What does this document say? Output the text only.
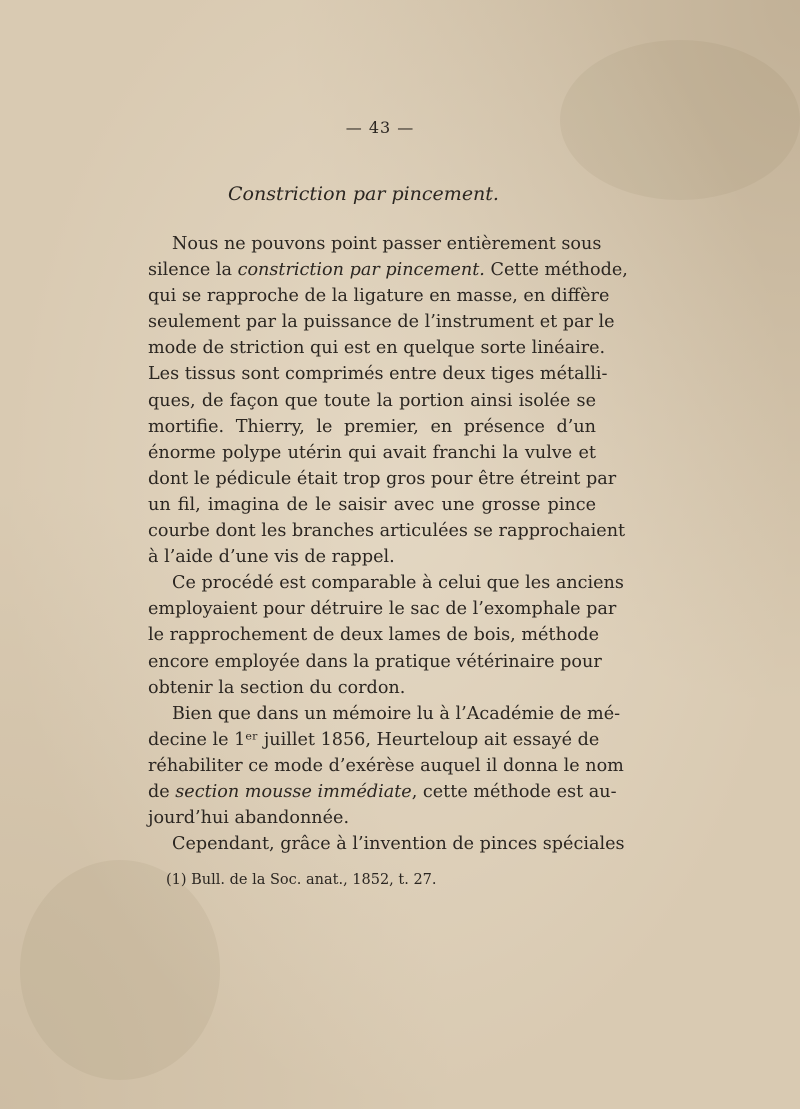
— 43 —
Constriction par pincement.
Nous ne pouvons point passer entièrement sous
silence la constriction par pincement. Cette méthode,
qui se rapproche de la ligature en masse, en diffère
seulement par la puissance de l’instrument et par le
mode de striction qui est en quelque sorte linéaire.
Les tissus sont comprimés entre deux tiges métalli-
ques, de façon que toute la portion ainsi isolée se
mortifie. Thierry, le premier, en présence d’un
énorme polype utérin qui avait franchi la vulve et
dont le pédicule était trop gros pour être étreint par
un fil, imagina de le saisir avec une grosse pince
courbe dont les branches articulées se rapprochaient
à l’aide d’une vis de rappel.
Ce procédé est comparable à celui que les anciens
employaient pour détruire le sac de l’exomphale par
le rapprochement de deux lames de bois, méthode
encore employée dans la pratique vétérinaire pour
obtenir la section du cordon.
Bien que dans un mémoire lu à l’Académie de mé-
decine le 1ᵉʳ juillet 1856, Heurteloup ait essayé de
réhabiliter ce mode d’exérèse auquel il donna le nom
de section mousse immédiate, cette méthode est au-
jourd’hui abandonnée.
Cependant, grâce à l’invention de pinces spéciales
(1) Bull. de la Soc. anat., 1852, t. 27.
